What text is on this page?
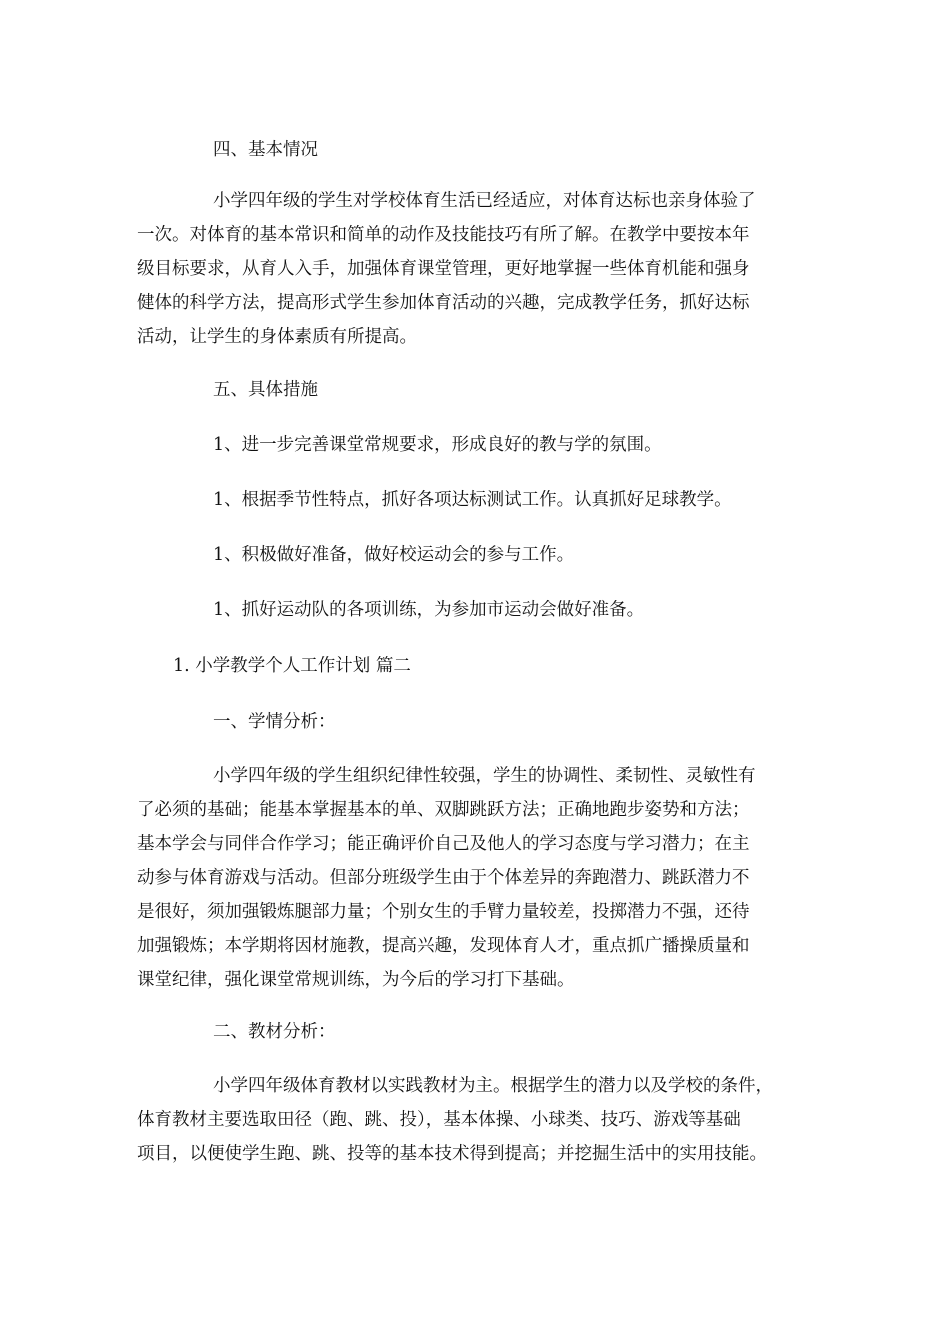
四、基本情况
小学四年级的学生对学校体育生活已经适应，对体育达标也亲身体验了
一次。对体育的基本常识和简单的动作及技能技巧有所了解。在教学中要按本年
级目标要求，从育人入手，加强体育课堂管理，更好地掌握一些体育机能和强身
健体的科学方法，提高形式学生参加体育活动的兴趣，完成教学任务，抓好达标
活动，让学生的身体素质有所提高。
五、具体措施
1、进一步完善课堂常规要求，形成良好的教与学的氛围。
1、根据季节性特点，抓好各项达标测试工作。认真抓好足球教学。
1、积极做好准备，做好校运动会的参与工作。
1、抓好运动队的各项训练，为参加市运动会做好准备。
1. 小学教学个人工作计划 篇二
一、学情分析：
小学四年级的学生组织纪律性较强，学生的协调性、柔韧性、灵敏性有
了必须的基础；能基本掌握基本的单、双脚跳跃方法；正确地跑步姿势和方法；
基本学会与同伴合作学习；能正确评价自己及他人的学习态度与学习潜力；在主
动参与体育游戏与活动。但部分班级学生由于个体差异的奔跑潜力、跳跃潜力不
是很好，须加强锻炼腿部力量；个别女生的手臂力量较差，投掷潜力不强，还待
加强锻炼；本学期将因材施教，提高兴趣，发现体育人才，重点抓广播操质量和
课堂纪律，强化课堂常规训练，为今后的学习打下基础。
二、教材分析：
小学四年级体育教材以实践教材为主。根据学生的潜力以及学校的条件，
体育教材主要选取田径（跑、跳、投），基本体操、小球类、技巧、游戏等基础
项目，以便使学生跑、跳、投等的基本技术得到提高；并挖掘生活中的实用技能。
